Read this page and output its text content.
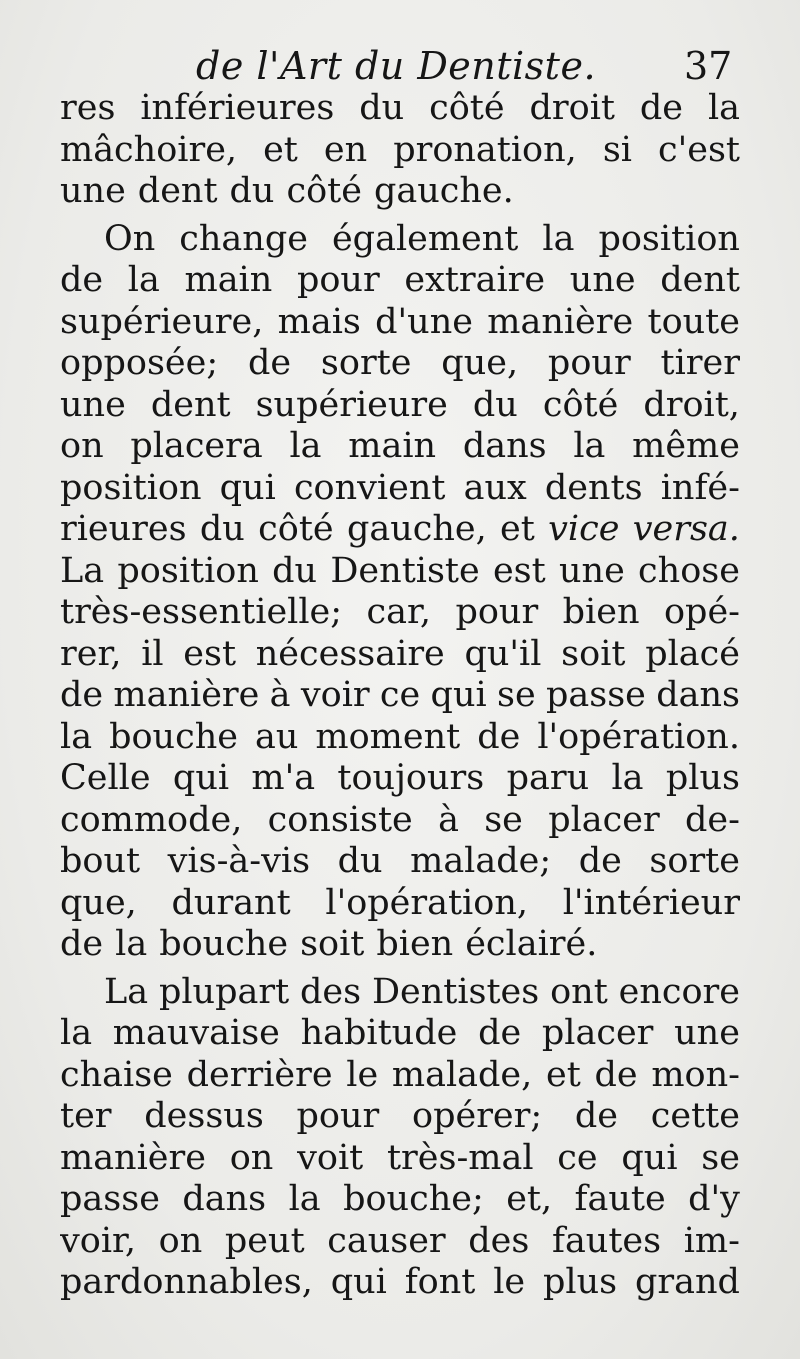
de l'Art du Dentiste. 37
res inférieures du côté droit de la
mâchoire, et en pronation, si c'est
une dent du côté gauche.
On change également la position
de la main pour extraire une dent
supérieure, mais d'une manière toute
opposée; de sorte que, pour tirer
une dent supérieure du côté droit,
on placera la main dans la même
position qui convient aux dents infé-
rieures du côté gauche, et vice versa.
La position du Dentiste est une chose
très-essentielle; car, pour bien opé-
rer, il est nécessaire qu'il soit placé
de manière à voir ce qui se passe dans
la bouche au moment de l'opération.
Celle qui m'a toujours paru la plus
commode, consiste à se placer de-
bout vis-à-vis du malade; de sorte
que, durant l'opération, l'intérieur
de la bouche soit bien éclairé.
La plupart des Dentistes ont encore
la mauvaise habitude de placer une
chaise derrière le malade, et de mon-
ter dessus pour opérer; de cette
manière on voit très-mal ce qui se
passe dans la bouche; et, faute d'y
voir, on peut causer des fautes im-
pardonnables, qui font le plus grand
